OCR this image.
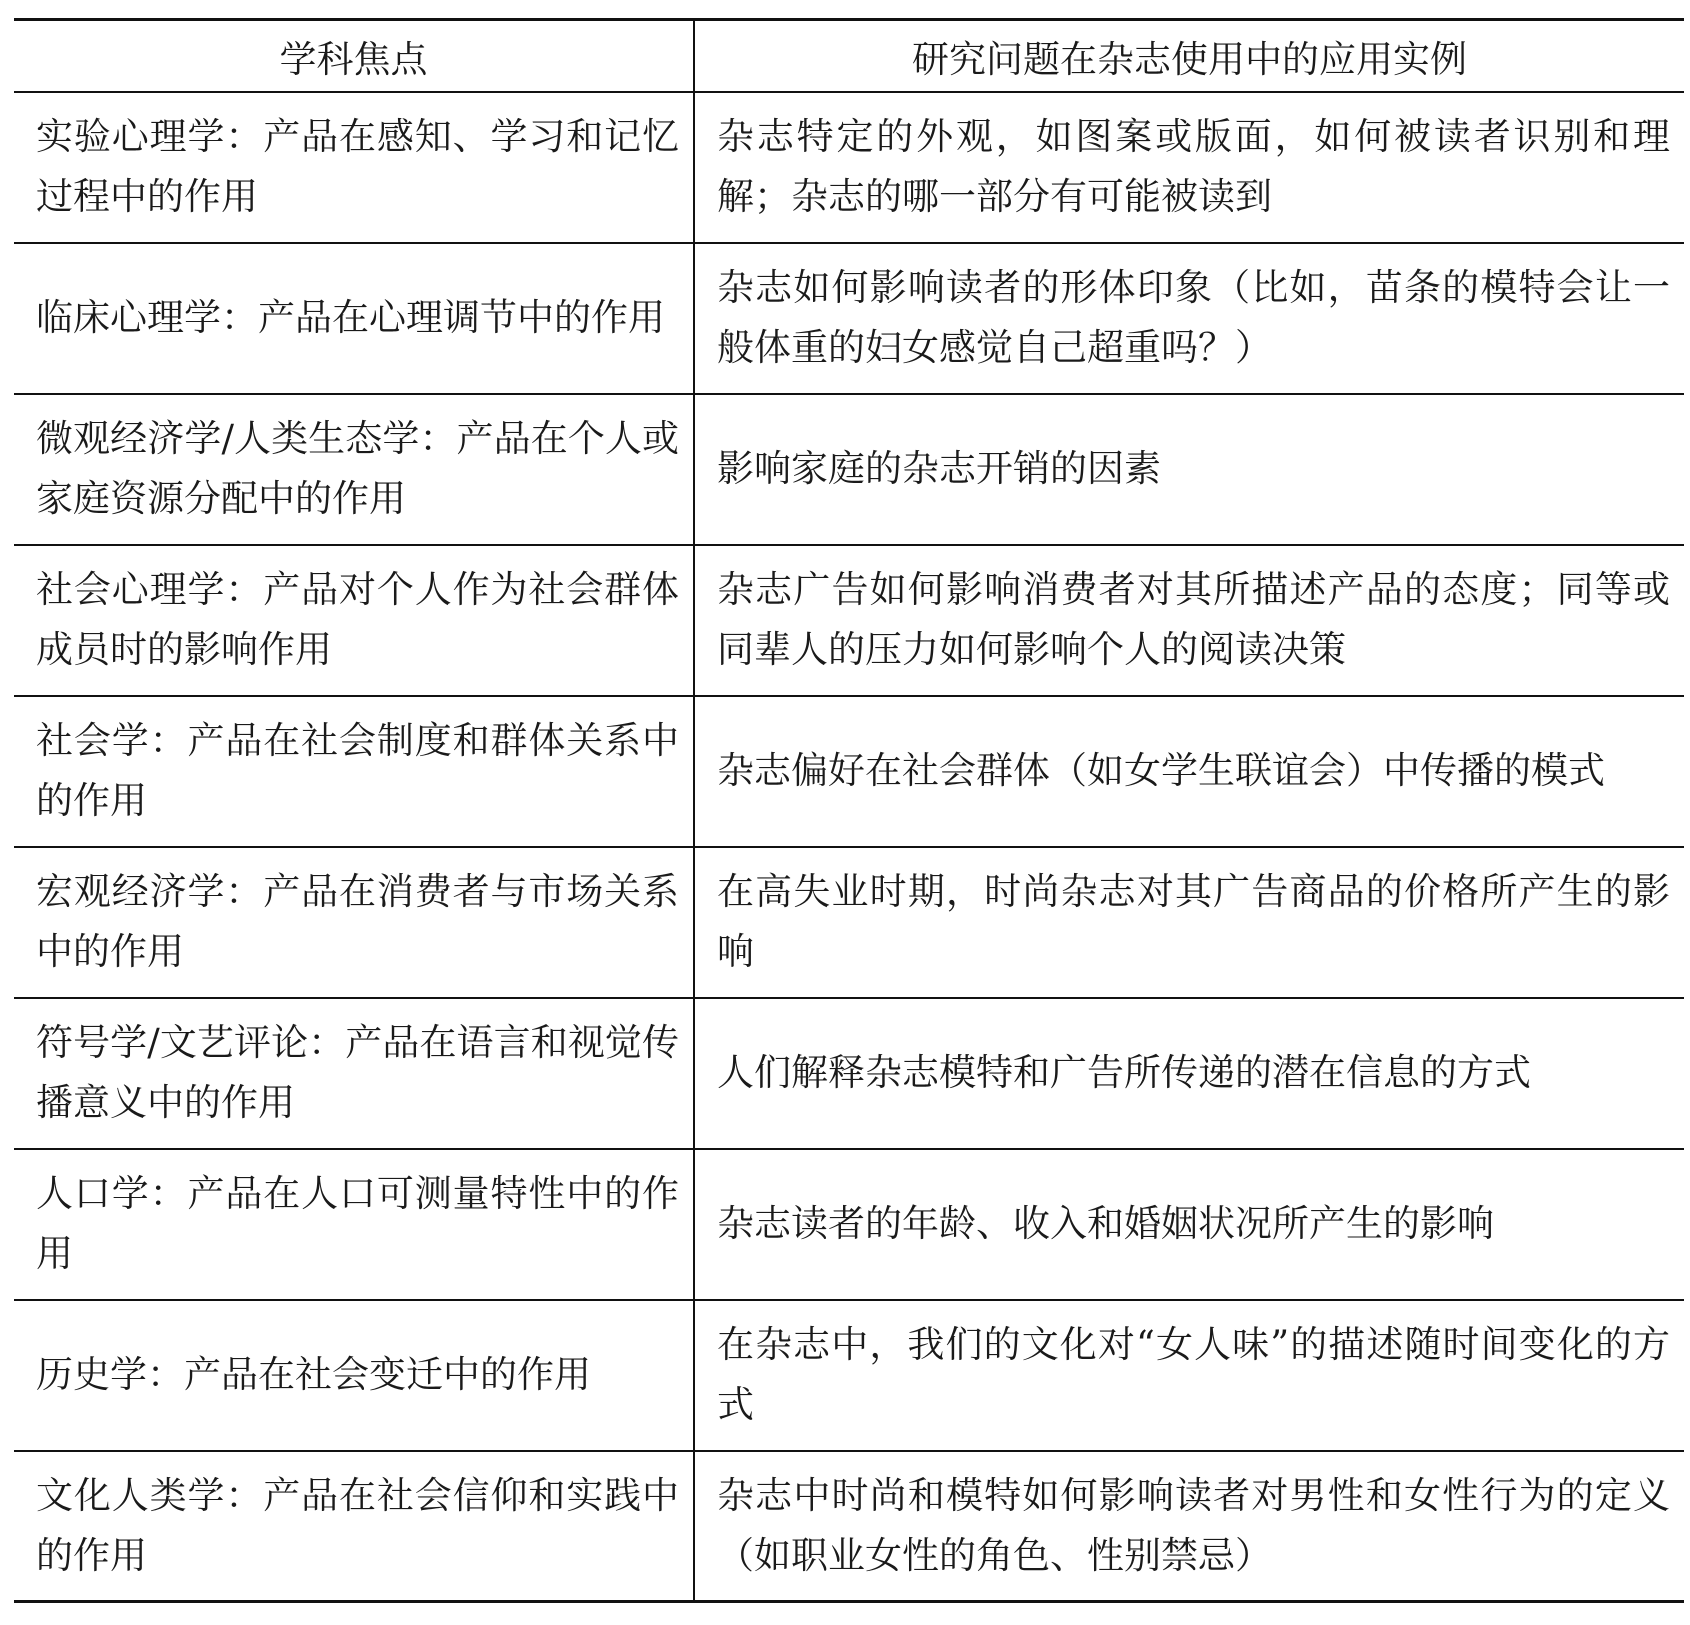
学科焦点	研究问题在杂志使用中的应用实例
实验心理学：产品在感知、学习和记忆过程中的作用	杂志特定的外观，如图案或版面，如何被读者识别和理解；杂志的哪一部分有可能被读到
临床心理学：产品在心理调节中的作用	杂志如何影响读者的形体印象（比如，苗条的模特会让一般体重的妇女感觉自己超重吗？）
微观经济学/人类生态学：产品在个人或家庭资源分配中的作用	影响家庭的杂志开销的因素
社会心理学：产品对个人作为社会群体成员时的影响作用	杂志广告如何影响消费者对其所描述产品的态度；同等或同辈人的压力如何影响个人的阅读决策
社会学：产品在社会制度和群体关系中的作用	杂志偏好在社会群体（如女学生联谊会）中传播的模式
宏观经济学：产品在消费者与市场关系中的作用	在高失业时期，时尚杂志对其广告商品的价格所产生的影响
符号学/文艺评论：产品在语言和视觉传播意义中的作用	人们解释杂志模特和广告所传递的潜在信息的方式
人口学：产品在人口可测量特性中的作用	杂志读者的年龄、收入和婚姻状况所产生的影响
历史学：产品在社会变迁中的作用	在杂志中，我们的文化对“女人味”的描述随时间变化的方式
文化人类学：产品在社会信仰和实践中的作用	杂志中时尚和模特如何影响读者对男性和女性行为的定义（如职业女性的角色、性别禁忌）
